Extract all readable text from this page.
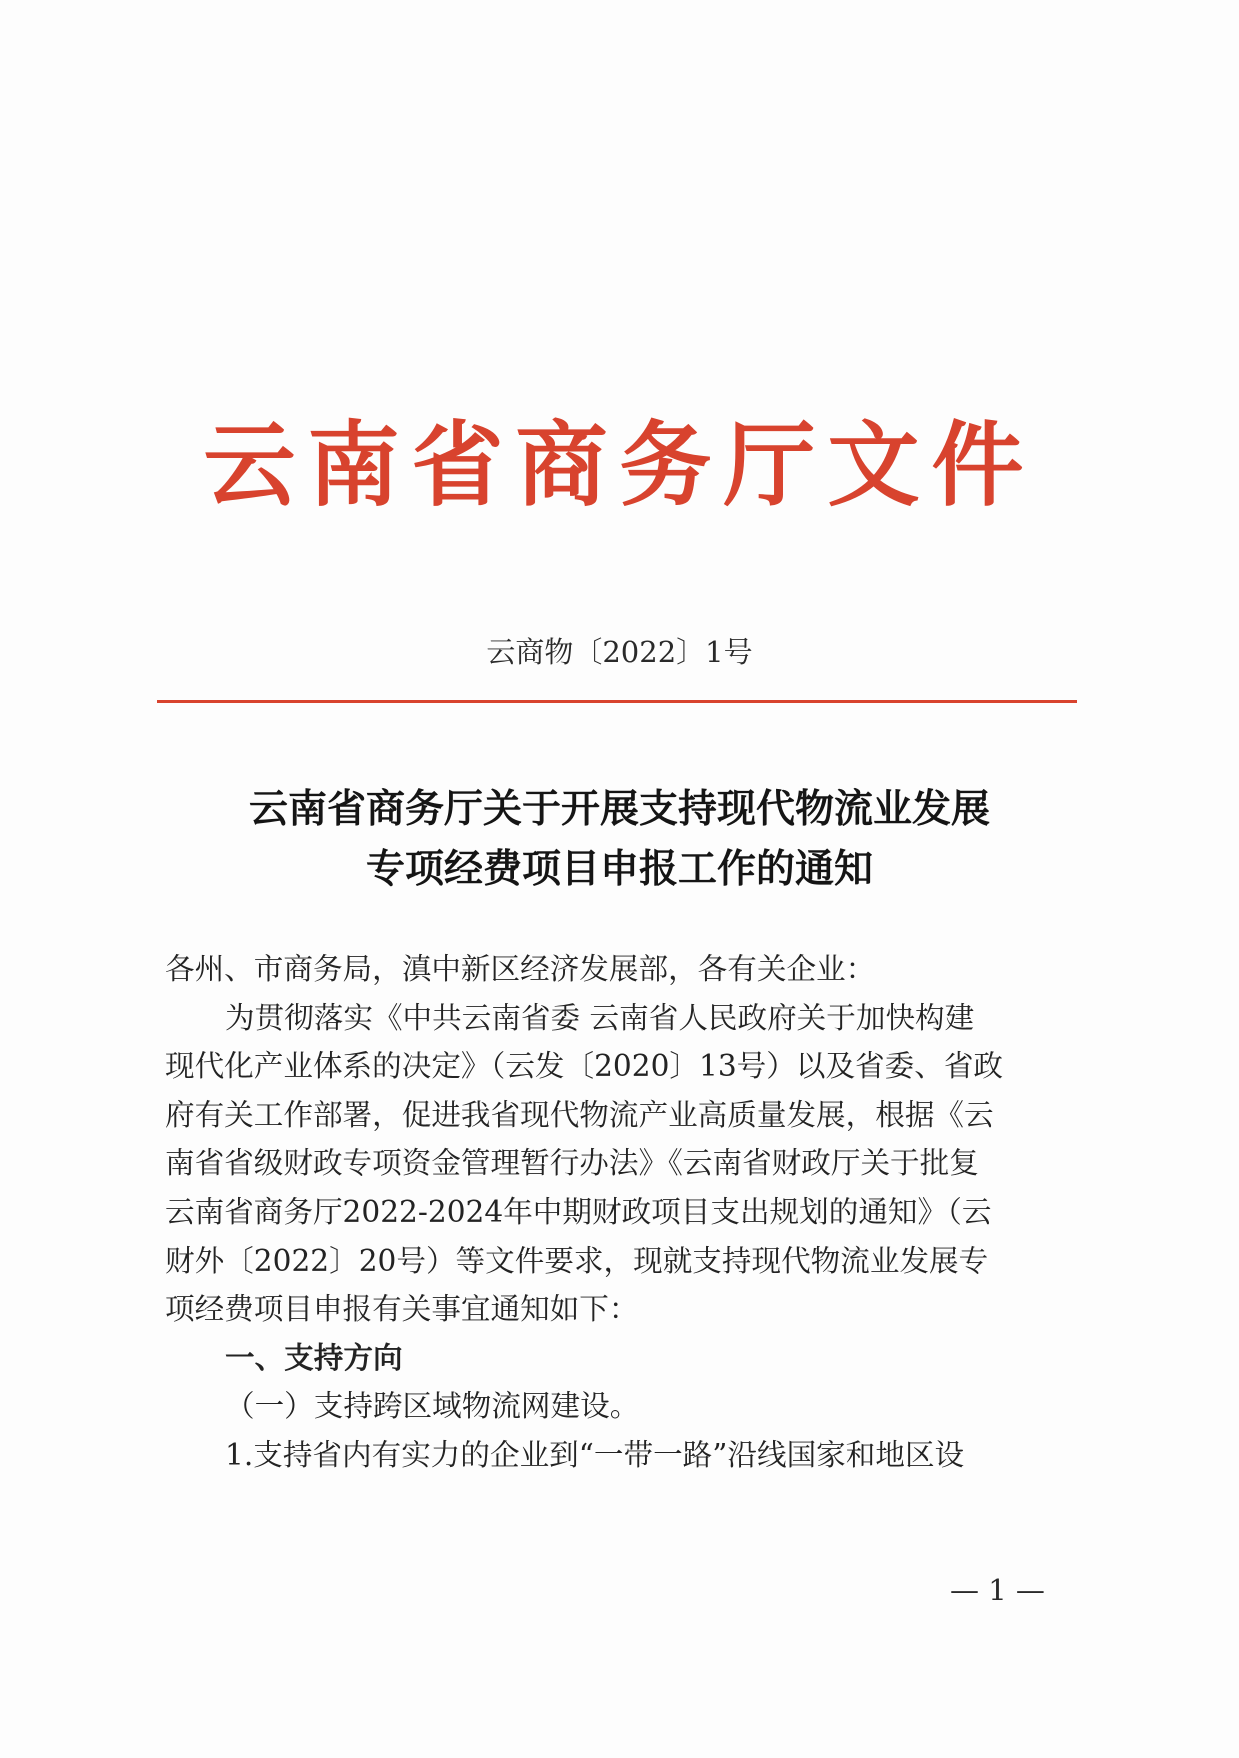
云南省商务厅文件
云商物〔2022〕1号
云南省商务厅关于开展支持现代物流业发展
专项经费项目申报工作的通知

各州、市商务局，滇中新区经济发展部，各有关企业：

为贯彻落实《中共云南省委 云南省人民政府关于加快构建

现代化产业体系的决定》（云发〔2020〕13号）以及省委、省政

府有关工作部署，促进我省现代物流产业高质量发展，根据《云

南省省级财政专项资金管理暂行办法》《云南省财政厅关于批复

云南省商务厅2022-2024年中期财政项目支出规划的通知》（云

财外〔2022〕20号）等文件要求，现就支持现代物流业发展专

项经费项目申报有关事宜通知如下：

一、支持方向

（一）支持跨区域物流网建设。

1.支持省内有实力的企业到“一带一路”沿线国家和地区设

— 1 —
